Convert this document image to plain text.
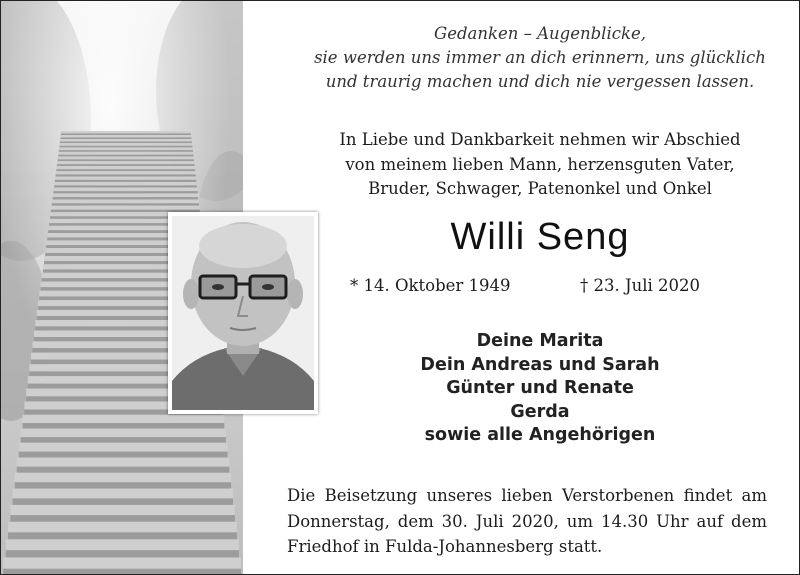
Gedanken – Augenblicke,
sie werden uns immer an dich erinnern, uns glücklich
und traurig machen und dich nie vergessen lassen.
In Liebe und Dankbarkeit nehmen wir Abschied
von meinem lieben Mann, herzensguten Vater,
Bruder, Schwager, Patenonkel und Onkel
Willi Seng
* 14. Oktober 1949	† 23. Juli 2020
Deine Marita
Dein Andreas und Sarah
Günter und Renate
Gerda
sowie alle Angehörigen
Die Beisetzung unseres lieben Verstorbenen findet am Donnerstag, dem 30. Juli 2020, um 14.30 Uhr auf dem Friedhof in Fulda-Johannesberg statt.
